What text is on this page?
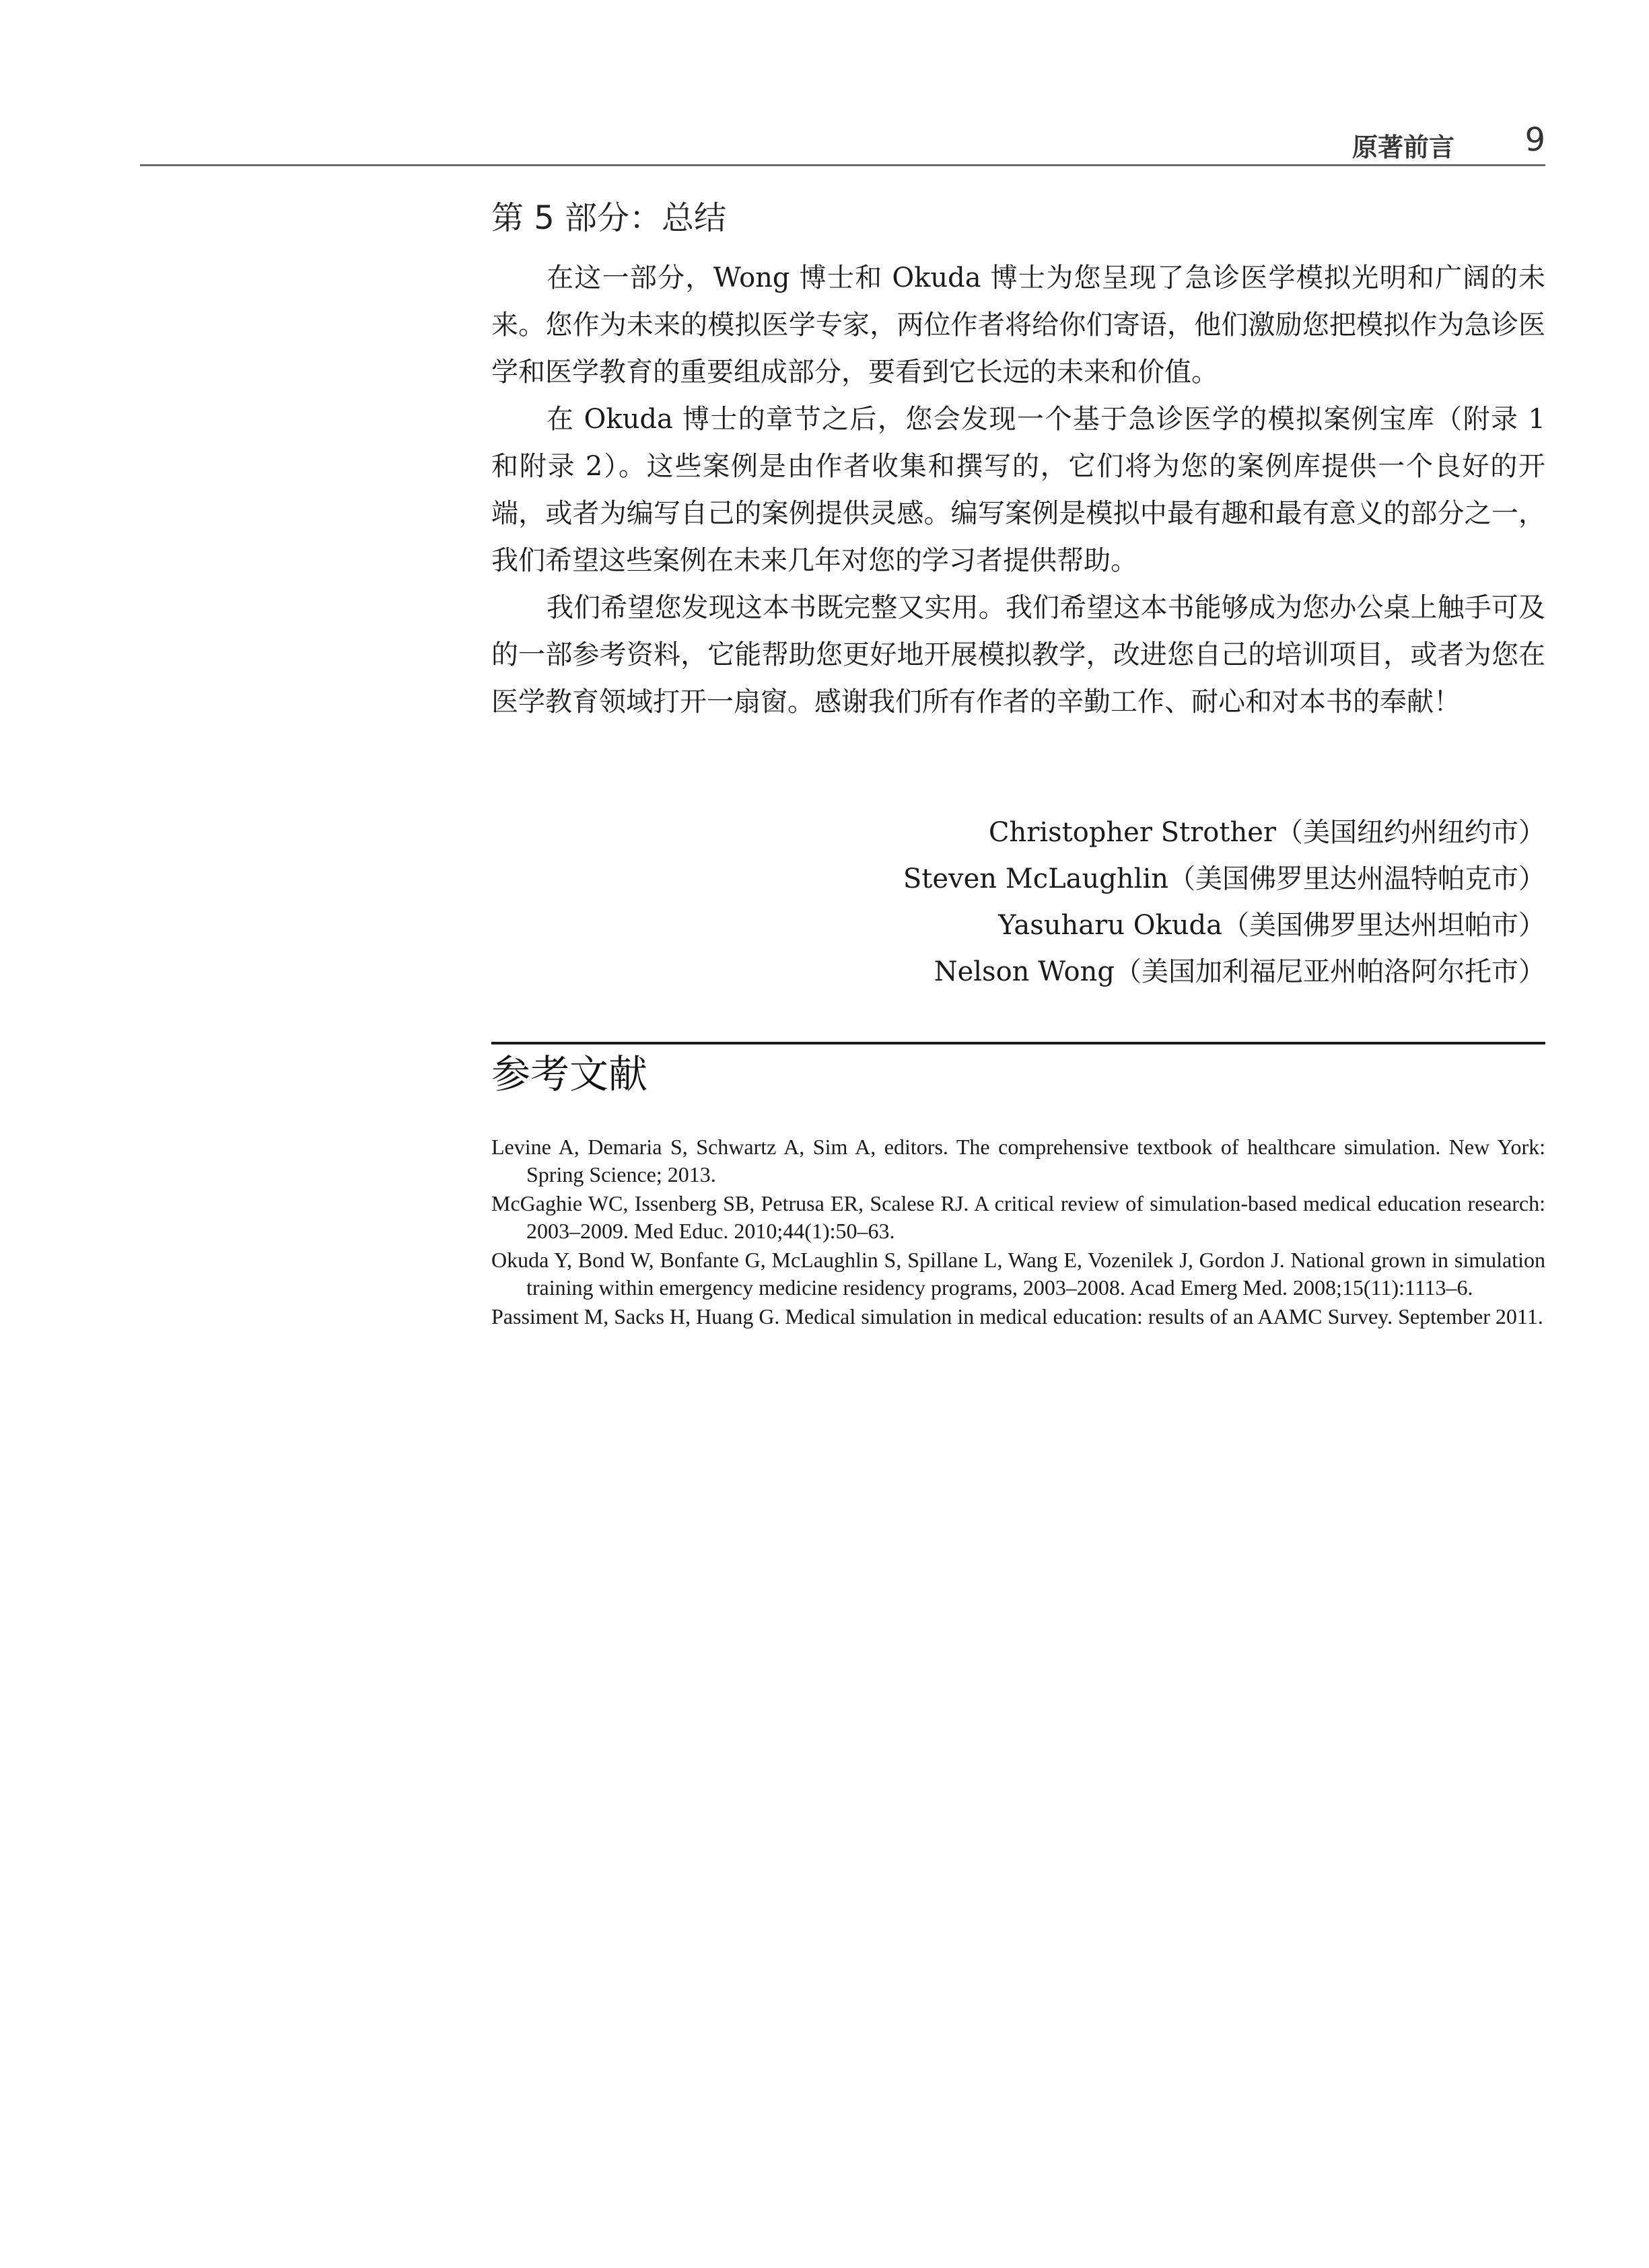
原著前言 9
第 5 部分：总结

在这一部分，Wong 博士和 Okuda 博士为您呈现了急诊医学模拟光明和广阔的未来。您作为未来的模拟医学专家，两位作者将给你们寄语，他们激励您把模拟作为急诊医学和医学教育的重要组成部分，要看到它长远的未来和价值。

在 Okuda 博士的章节之后，您会发现一个基于急诊医学的模拟案例宝库（附录 1 和附录 2）。这些案例是由作者收集和撰写的，它们将为您的案例库提供一个良好的开端，或者为编写自己的案例提供灵感。编写案例是模拟中最有趣和最有意义的部分之一，我们希望这些案例在未来几年对您的学习者提供帮助。

我们希望您发现这本书既完整又实用。我们希望这本书能够成为您办公桌上触手可及的一部参考资料，它能帮助您更好地开展模拟教学，改进您自己的培训项目，或者为您在医学教育领域打开一扇窗。感谢我们所有作者的辛勤工作、耐心和对本书的奉献！

Christopher Strother（美国纽约州纽约市）
Steven McLaughlin（美国佛罗里达州温特帕克市）
Yasuharu Okuda（美国佛罗里达州坦帕市）
Nelson Wong（美国加利福尼亚州帕洛阿尔托市）
参考文献

Levine A, Demaria S, Schwartz A, Sim A, editors. The comprehensive textbook of healthcare simulation. New York: Spring Science; 2013.

McGaghie WC, Issenberg SB, Petrusa ER, Scalese RJ. A critical review of simulation-based medical education research: 2003–2009. Med Educ. 2010;44(1):50–63.

Okuda Y, Bond W, Bonfante G, McLaughlin S, Spillane L, Wang E, Vozenilek J, Gordon J. National grown in simulation training within emergency medicine residency programs, 2003–2008. Acad Emerg Med. 2008;15(11):1113–6.

Passiment M, Sacks H, Huang G. Medical simulation in medical education: results of an AAMC Survey. September 2011.
